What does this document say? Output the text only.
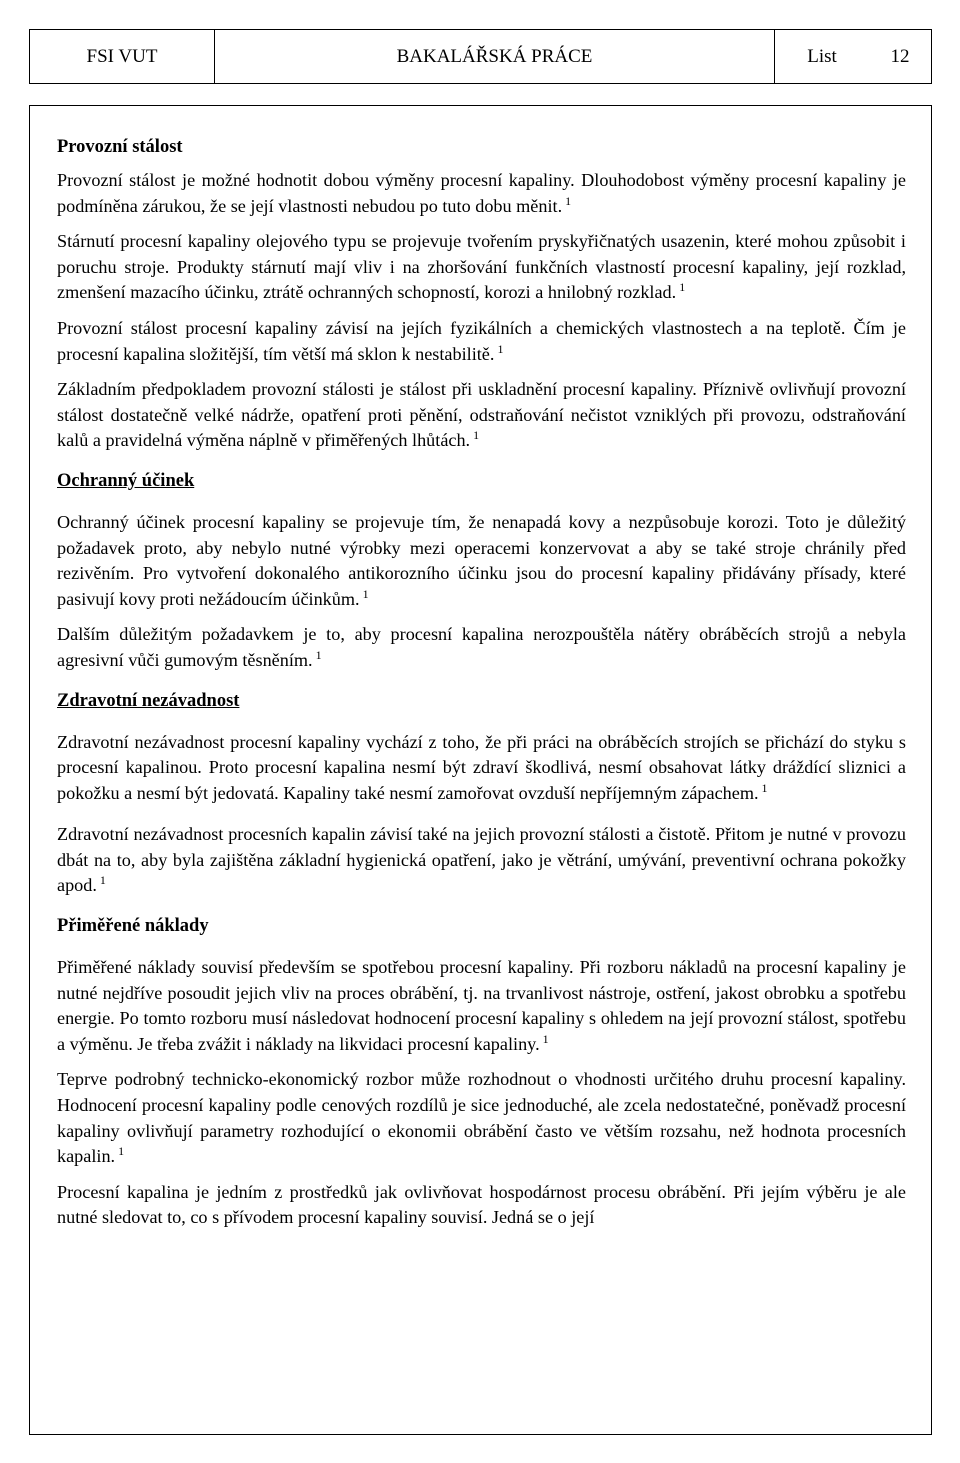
FSI VUT	BAKALÁŘSKÁ PRÁCE	List	12
Provozní stálost

Provozní stálost je možné hodnotit dobou výměny procesní kapaliny. Dlouhodobost výměny procesní kapaliny je podmíněna zárukou, že se její vlastnosti nebudou po tuto dobu měnit. $^1$

Stárnutí procesní kapaliny olejového typu se projevuje tvořením pryskyřičnatých usazenin, které mohou způsobit i poruchu stroje. Produkty stárnutí mají vliv i na zhoršování funkčních vlastností procesní kapaliny, její rozklad, zmenšení mazacího účinku, ztrátě ochranných schopností, korozi a hnilobný rozklad. $^1$

Provozní stálost procesní kapaliny závisí na jejích fyzikálních a chemických vlastnostech a na teplotě. Čím je procesní kapalina složitější, tím větší má sklon k nestabilitě. $^1$

Základním předpokladem provozní stálosti je stálost při uskladnění procesní kapaliny. Příznivě ovlivňují provozní stálost dostatečně velké nádrže, opatření proti pěnění, odstraňování nečistot vzniklých při provozu, odstraňování kalů a pravidelná výměna náplně v přiměřených lhůtách. $^1$

Ochranný účinek

Ochranný účinek procesní kapaliny se projevuje tím, že nenapadá kovy a nezpůsobuje korozi. Toto je důležitý požadavek proto, aby nebylo nutné výrobky mezi operacemi konzervovat a aby se také stroje chránily před rezivěním. Pro vytvoření dokonalého antikorozního účinku jsou do procesní kapaliny přidávány přísady, které pasivují kovy proti nežádoucím účinkům. $^1$

Dalším důležitým požadavkem je to, aby procesní kapalina nerozpouštěla nátěry obráběcích strojů a nebyla agresivní vůči gumovým těsněním. $^1$

Zdravotní nezávadnost

Zdravotní nezávadnost procesní kapaliny vychází z toho, že při práci na obráběcích strojích se přichází do styku s procesní kapalinou. Proto procesní kapalina nesmí být zdraví škodlivá, nesmí obsahovat látky dráždící sliznici a pokožku a nesmí být jedovatá. Kapaliny také nesmí zamořovat ovzduší nepříjemným zápachem. $^1$

Zdravotní nezávadnost procesních kapalin závisí také na jejich provozní stálosti a čistotě. Přitom je nutné v provozu dbát na to, aby byla zajištěna základní hygienická opatření, jako je větrání, umývání, preventivní ochrana pokožky apod. $^1$

Přiměřené náklady

Přiměřené náklady souvisí především se spotřebou procesní kapaliny. Při rozboru nákladů na procesní kapaliny je nutné nejdříve posoudit jejich vliv na proces obrábění, tj. na trvanlivost nástroje, ostření, jakost obrobku a spotřebu energie. Po tomto rozboru musí následovat hodnocení procesní kapaliny s ohledem na její provozní stálost, spotřebu a výměnu. Je třeba zvážit i náklady na likvidaci procesní kapaliny. $^1$

Teprve podrobný technicko-ekonomický rozbor může rozhodnout o vhodnosti určitého druhu procesní kapaliny. Hodnocení procesní kapaliny podle cenových rozdílů je sice jednoduché, ale zcela nedostatečné, poněvadž procesní kapaliny ovlivňují parametry rozhodující o ekonomii obrábění často ve větším rozsahu, než hodnota procesních kapalin. $^1$

Procesní kapalina je jedním z prostředků jak ovlivňovat hospodárnost procesu obrábění. Při jejím výběru je ale nutné sledovat to, co s přívodem procesní kapaliny souvisí. Jedná se o její
